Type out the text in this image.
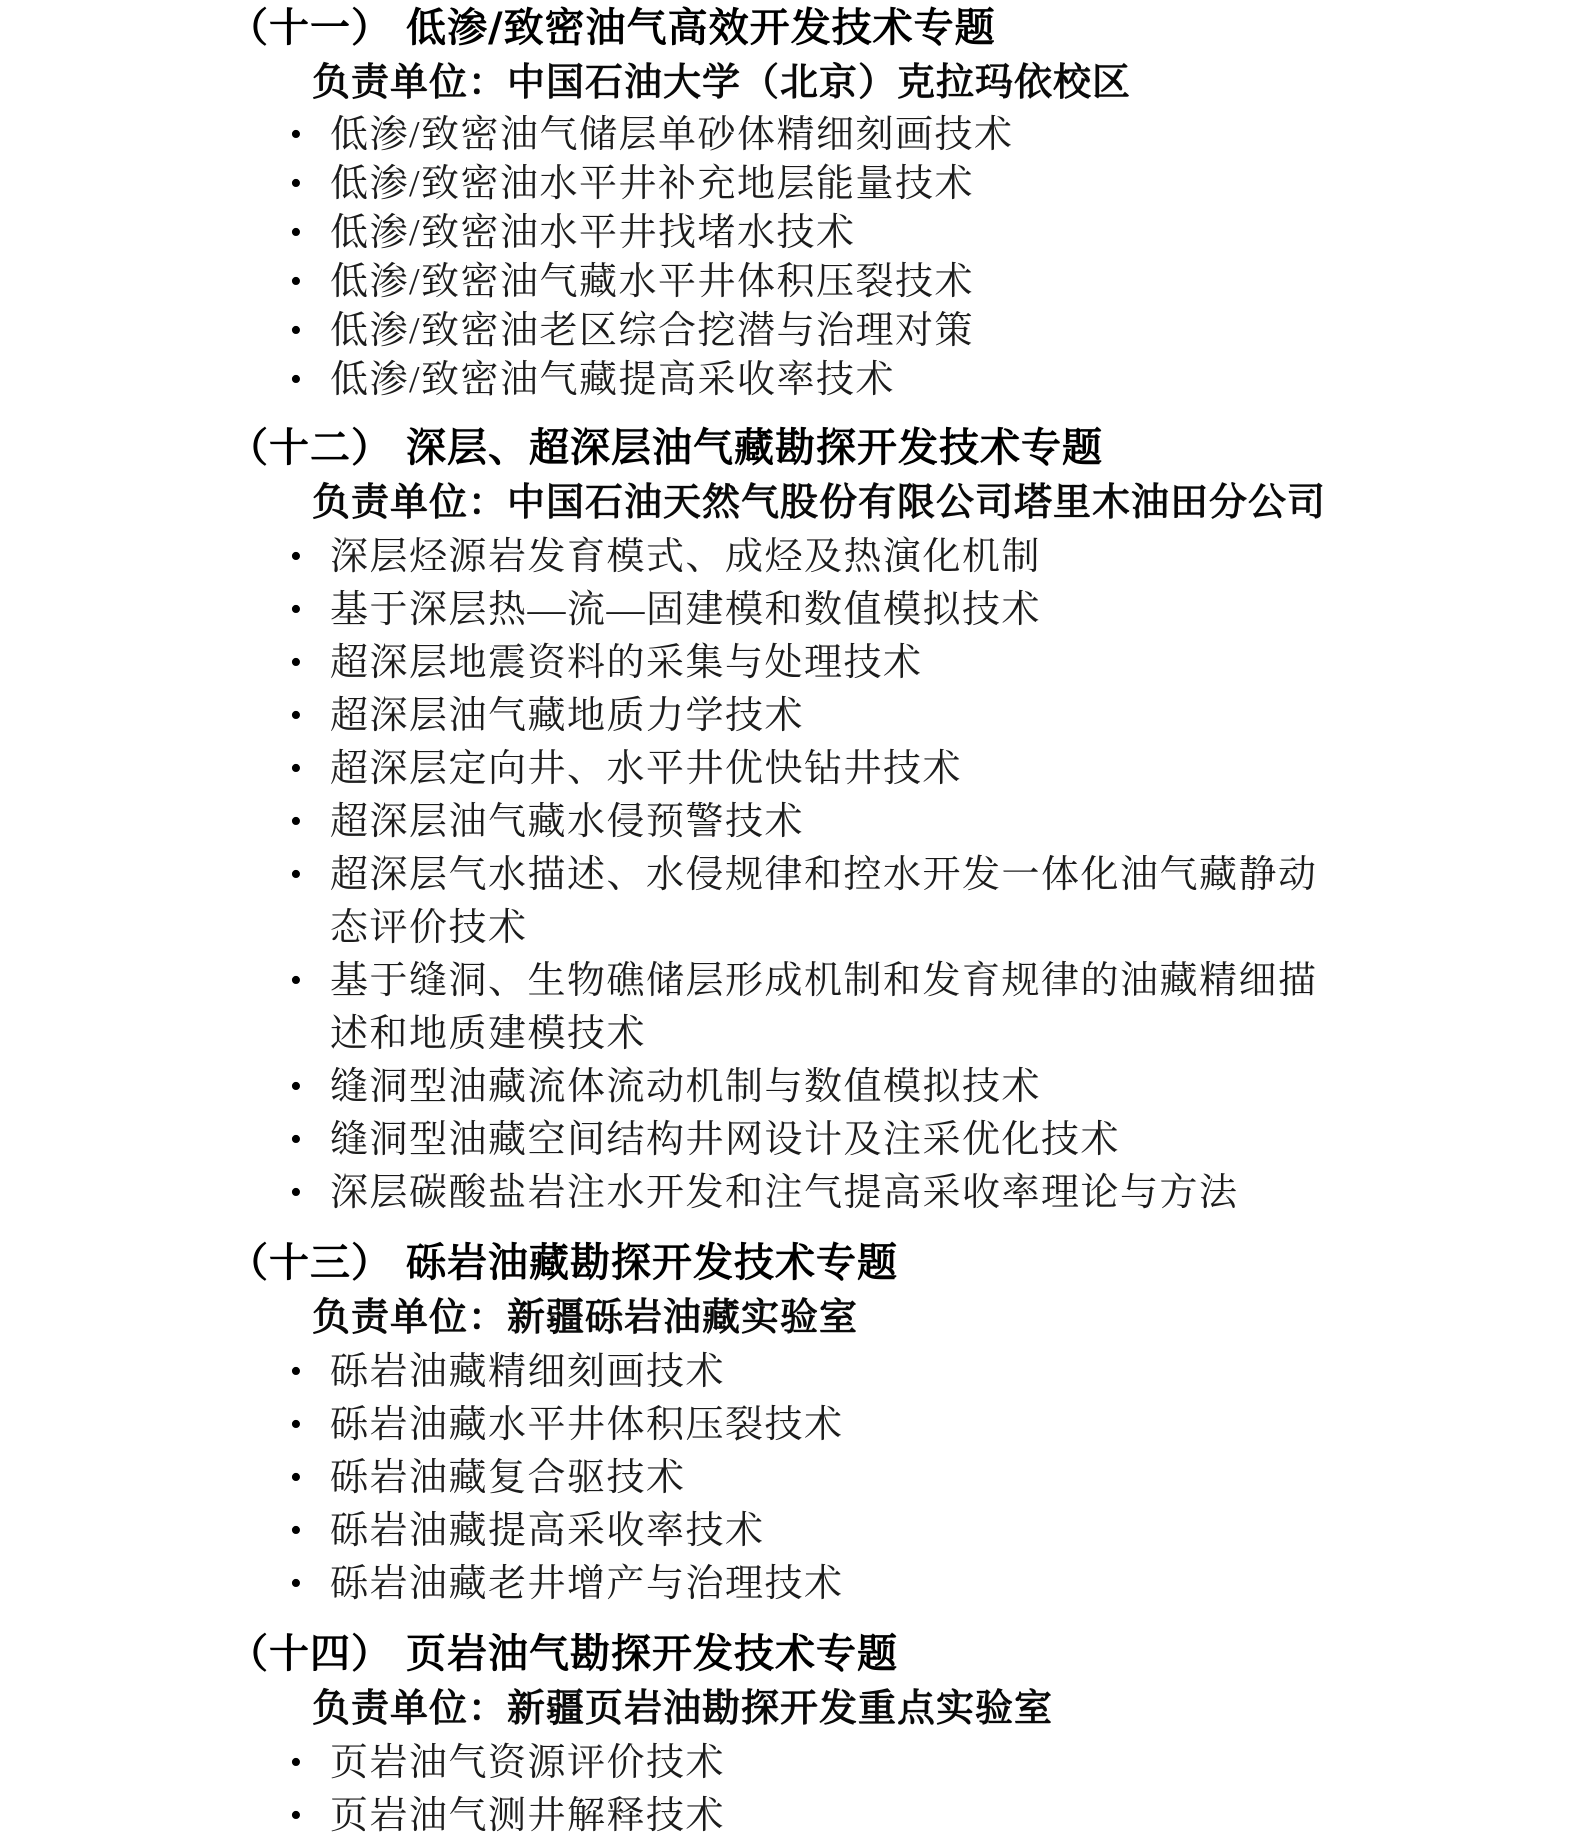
（十一） 低渗/致密油气高效开发技术专题

负责单位：中国石油大学（北京）克拉玛依校区

• 低渗/致密油气储层单砂体精细刻画技术
• 低渗/致密油水平井补充地层能量技术
• 低渗/致密油水平井找堵水技术
• 低渗/致密油气藏水平井体积压裂技术
• 低渗/致密油老区综合挖潜与治理对策
• 低渗/致密油气藏提高采收率技术
（十二） 深层、超深层油气藏勘探开发技术专题

负责单位：中国石油天然气股份有限公司塔里木油田分公司

• 深层烃源岩发育模式、成烃及热演化机制
• 基于深层热—流—固建模和数值模拟技术
• 超深层地震资料的采集与处理技术
• 超深层油气藏地质力学技术
• 超深层定向井、水平井优快钻井技术
• 超深层油气藏水侵预警技术
• 超深层气水描述、水侵规律和控水开发一体化油气藏静动态评价技术
• 基于缝洞、生物礁储层形成机制和发育规律的油藏精细描述和地质建模技术
• 缝洞型油藏流体流动机制与数值模拟技术
• 缝洞型油藏空间结构井网设计及注采优化技术
• 深层碳酸盐岩注水开发和注气提高采收率理论与方法
（十三） 砾岩油藏勘探开发技术专题

负责单位：新疆砾岩油藏实验室

• 砾岩油藏精细刻画技术
• 砾岩油藏水平井体积压裂技术
• 砾岩油藏复合驱技术
• 砾岩油藏提高采收率技术
• 砾岩油藏老井增产与治理技术
（十四） 页岩油气勘探开发技术专题

负责单位：新疆页岩油勘探开发重点实验室

• 页岩油气资源评价技术
• 页岩油气测井解释技术
